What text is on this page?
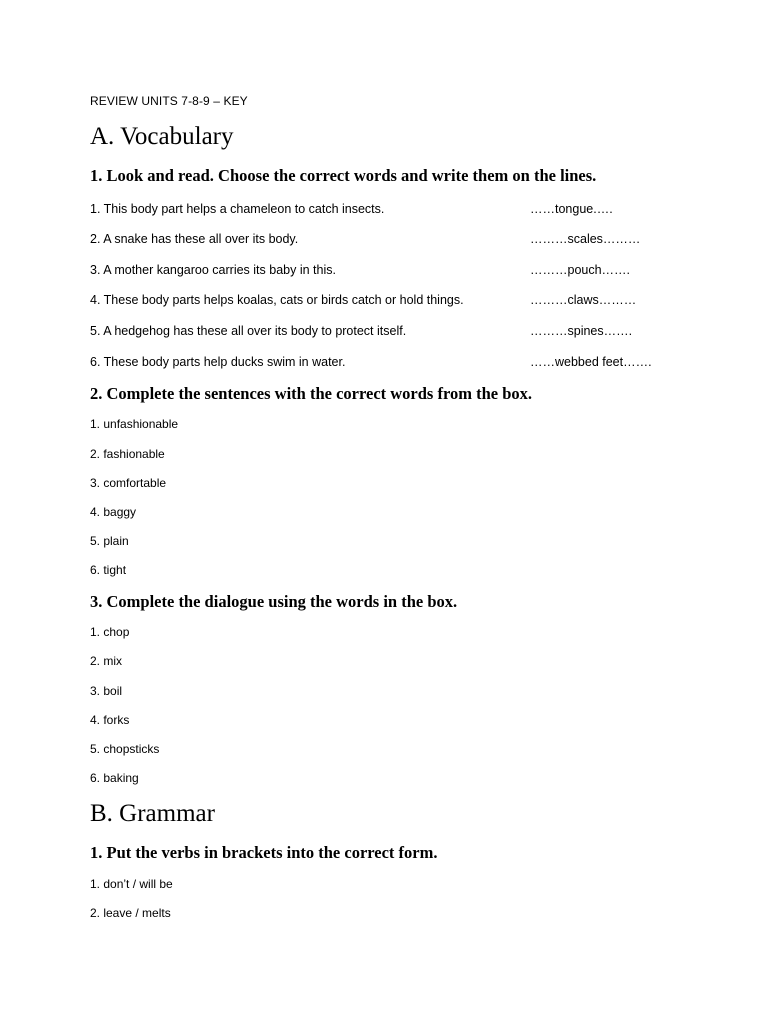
REVIEW UNITS 7-8-9 – KEY
A. Vocabulary
1. Look and read. Choose the correct words and write them on the lines.
1. This body part helps a chameleon to catch insects.	……tongue.….
2. A snake has these all over its body.	………scales………
3. A mother kangaroo carries its baby in this.	………pouch…….
4. These body parts helps koalas, cats or birds catch or hold things.	………claws………
5. A hedgehog has these all over its body to protect itself.	………spines…….
6. These body parts help ducks swim in water.	……webbed feet…….
2. Complete the sentences with the correct words from the box.
1. unfashionable
2. fashionable
3. comfortable
4. baggy
5. plain
6. tight
3. Complete the dialogue using the words in the box.
1. chop
2. mix
3. boil
4. forks
5. chopsticks
6. baking
B. Grammar
1. Put the verbs in brackets into the correct form.
1. don’t / will be
2. leave / melts
